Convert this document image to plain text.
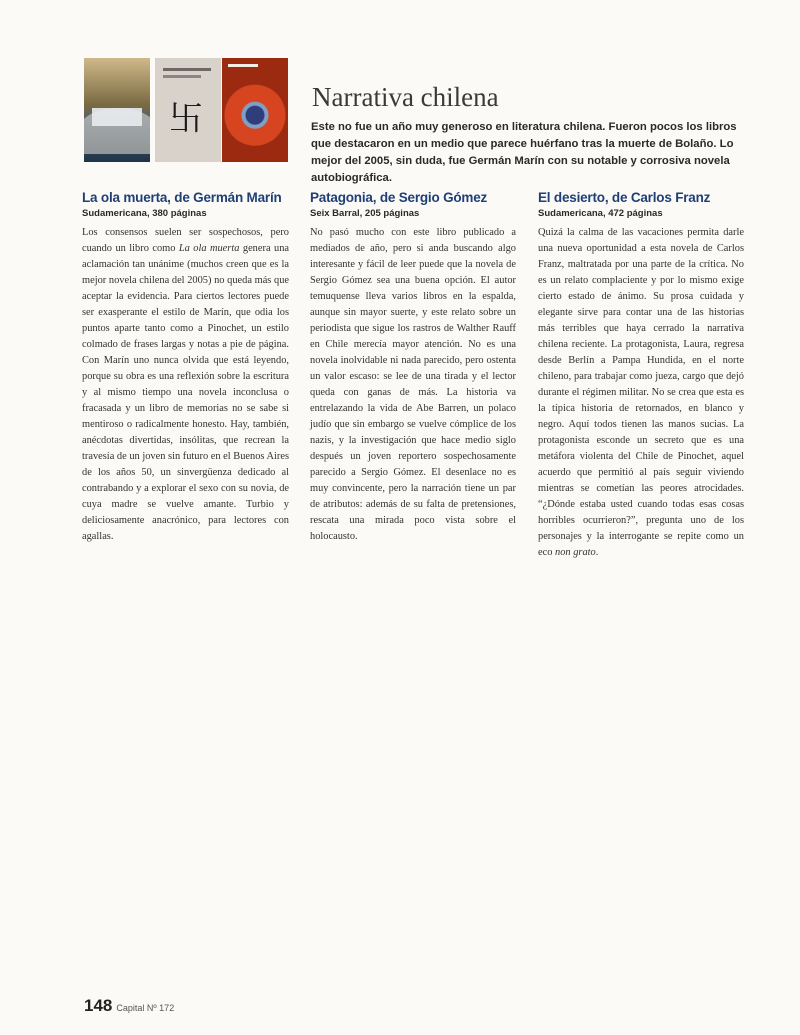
卐
Narrativa chilena

Este no fue un año muy generoso en literatura chilena. Fueron pocos los libros que destacaron en un medio que parece huérfano tras la muerte de Bolaño. Lo mejor del 2005, sin duda, fue Germán Marín con su notable y corrosiva novela autobiográfica.

La ola muerta, de Germán Marín
Sudamericana, 380 páginas

Los consensos suelen ser sospechosos, pero cuando un libro como La ola muerta genera una aclamación tan unánime (muchos creen que es la mejor novela chilena del 2005) no queda más que aceptar la evidencia. Para ciertos lectores puede ser exasperante el estilo de Marín, que odia los puntos aparte tanto como a Pinochet, un estilo colmado de frases largas y notas a pie de página. Con Marín uno nunca olvida que está leyendo, porque su obra es una reflexión sobre la escritura y al mismo tiempo una novela inconclusa o fracasada y un libro de memorias no se sabe si mentiroso o radicalmente honesto. Hay, también, anécdotas divertidas, insólitas, que recrean la travesía de un joven sin futuro en el Buenos Aires de los años 50, un sinvergüenza dedicado al contrabando y a explorar el sexo con su novia, de cuya madre se vuelve amante. Turbio y deliciosamente anacrónico, para lectores con agallas.

Patagonia, de Sergio Gómez
Seix Barral, 205 páginas

No pasó mucho con este libro publicado a mediados de año, pero si anda buscando algo interesante y fácil de leer puede que la novela de Sergio Gómez sea una buena opción. El autor temuquense lleva varios libros en la espalda, aunque sin mayor suerte, y este relato sobre un periodista que sigue los rastros de Walther Rauff en Chile merecía mayor atención. No es una novela inolvidable ni nada parecido, pero ostenta un valor escaso: se lee de una tirada y el lector queda con ganas de más. La historia va entrelazando la vida de Abe Barren, un polaco judío que sin embargo se vuelve cómplice de los nazis, y la investigación que hace medio siglo después un joven reportero sospechosamente parecido a Sergio Gómez. El desenlace no es muy convincente, pero la narración tiene un par de atributos: además de su falta de pretensiones, rescata una mirada poco vista sobre el holocausto.

El desierto, de Carlos Franz
Sudamericana, 472 páginas

Quizá la calma de las vacaciones permita darle una nueva oportunidad a esta novela de Carlos Franz, maltratada por una parte de la crítica. No es un relato complaciente y por lo mismo exige cierto estado de ánimo. Su prosa cuidada y elegante sirve para contar una de las historias más terribles que haya cerrado la narrativa chilena reciente. La protagonista, Laura, regresa desde Berlín a Pampa Hundida, en el norte chileno, para trabajar como jueza, cargo que dejó durante el régimen militar. No se crea que esta es la típica historia de retornados, en blanco y negro. Aquí todos tienen las manos sucias. La protagonista esconde un secreto que es una metáfora violenta del Chile de Pinochet, aquel acuerdo que permitió al país seguir viviendo mientras se cometían las peores atrocidades. “¿Dónde estaba usted cuando todas esas cosas horribles ocurrieron?”, pregunta uno de los personajes y la interrogante se repite como un eco non grato.

148 Capital Nº 172
